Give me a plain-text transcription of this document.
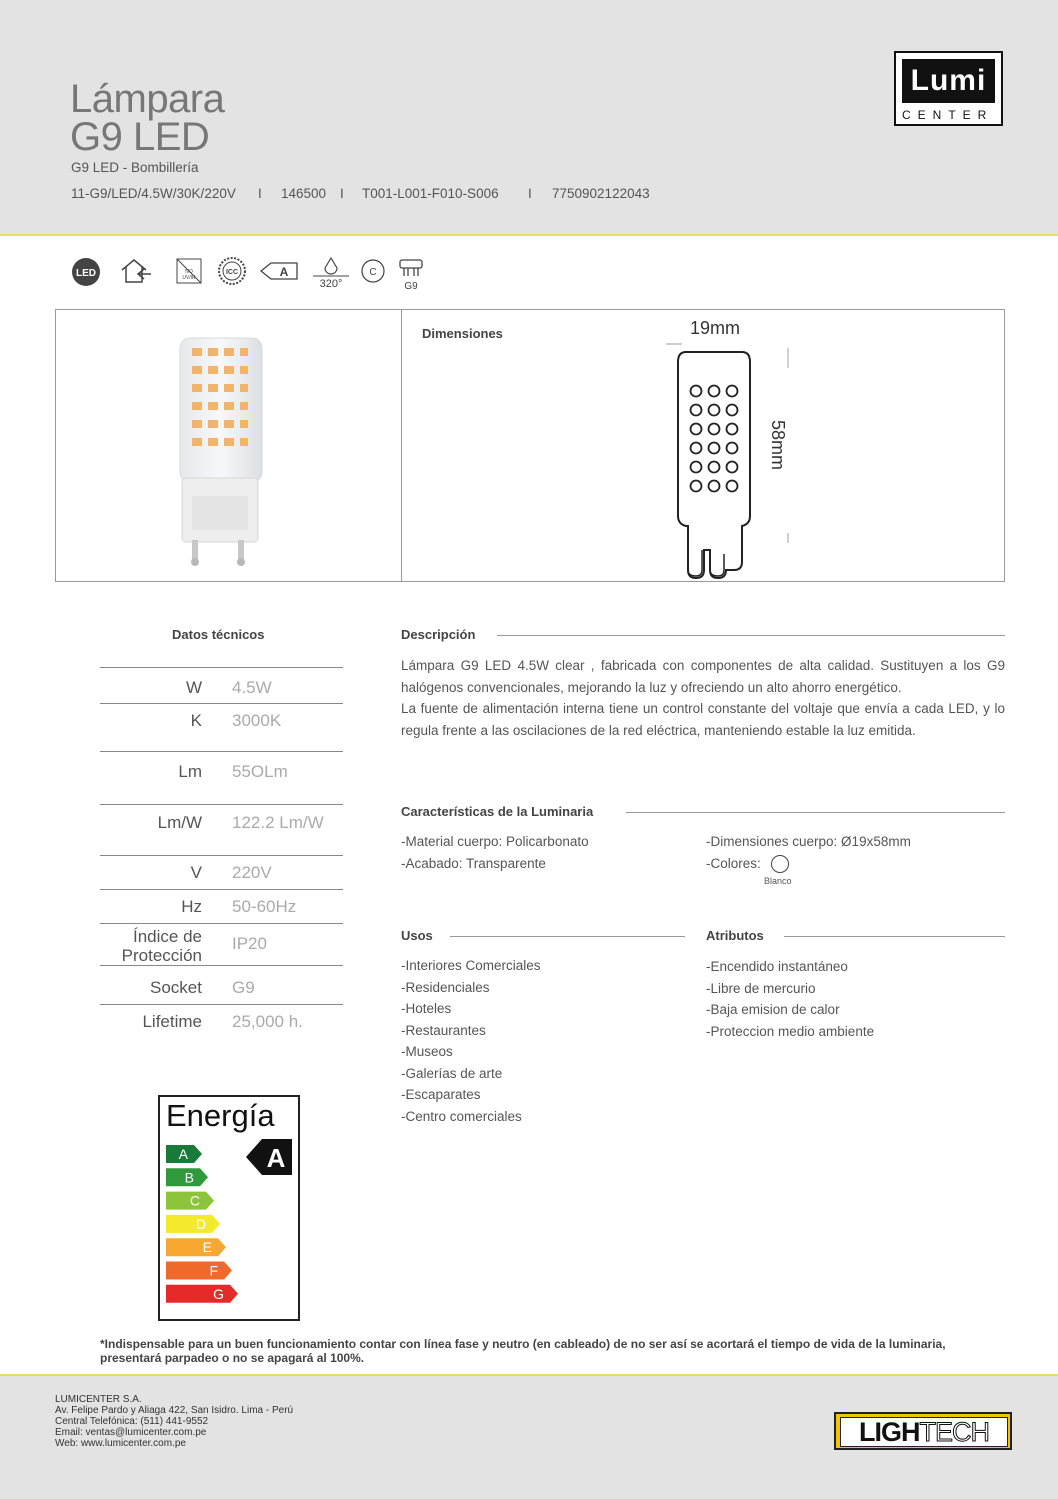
Lámpara
G9 LED
G9 LED - Bombillería
11-G9/LED/4.5W/30K/220V I 146500 I T001-L001-F010-S006 I 7750902122043
Lumi
CENTER
LED	NO
UV/IR
ICC	A
320°
C
G9
Dimensiones	19mm
58mm
Datos técnicos
W 4.5W
K 3000K
Lm 55OLm
Lm/W 122.2 Lm/W
V 220V
Hz 50-60Hz
Índice de Protección
IP20
Socket G9
Lifetime 25,000 h.
Descripción
Lámpara G9 LED 4.5W clear , fabricada con componentes de alta calidad. Sustituyen a los G9
halógenos convencionales, mejorando la luz y ofreciendo un alto ahorro energético.
La fuente de alimentación interna tiene un control constante del voltaje que envía a cada LED, y lo
regula frente a las oscilaciones de la red eléctrica, manteniendo estable la luz emitida.
Características de la Luminaria
-Material cuerpo: Policarbonato
-Acabado: Transparente
-Dimensiones cuerpo: Ø19x58mm
-Colores:
Blanco
Usos
-Interiores Comerciales
-Residenciales
-Hoteles
-Restaurantes
-Museos
-Galerías de arte
-Escaparates
-Centro comerciales
Atributos
-Encendido instantáneo
-Libre de mercurio
-Baja emision de calor
-Proteccion medio ambiente
Energía
A
B
C
D
E
F
G
A
*Indispensable para un buen funcionamiento contar con línea fase y neutro (en cableado) de no ser así se acortará el tiempo de vida de la luminaria,
presentará parpadeo o no se apagará al 100%.
LUMICENTER S.A.
Av. Felipe Pardo y Aliaga 422, San Isidro. Lima - Perú
Central Telefónica: (511) 441-9552
Email: ventas@lumicenter.com.pe
Web: www.lumicenter.com.pe	LIGHTECH
